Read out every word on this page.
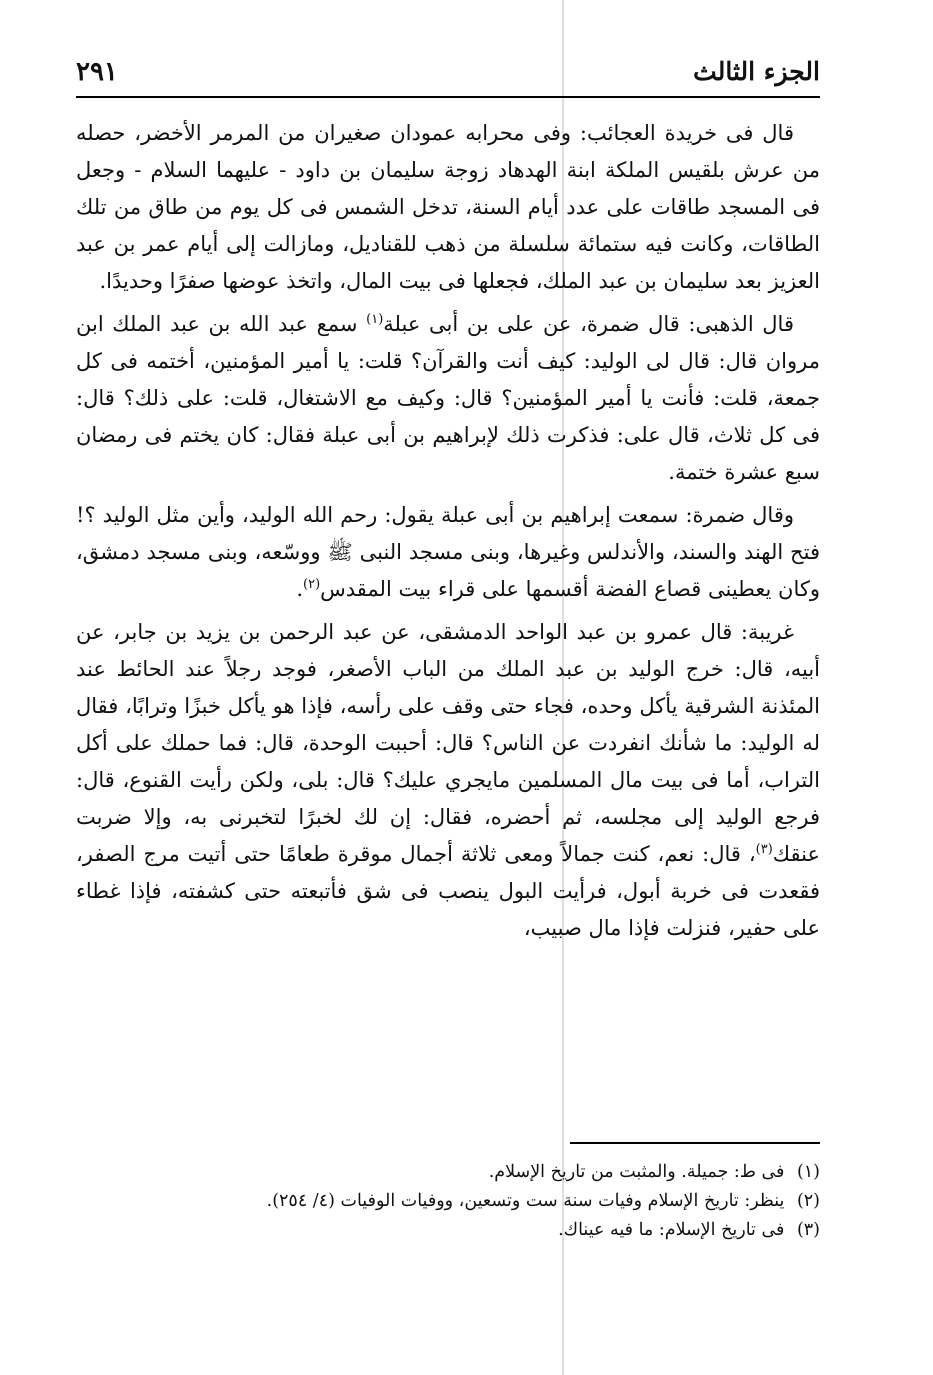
الجزء الثالث
٢٩١

قال فى خريدة العجائب: وفى محرابه عمودان صغيران من المرمر الأخضر، حصله من عرش بلقيس الملكة ابنة الهدهاد زوجة سليمان بن داود - عليهما السلام - وجعل فى المسجد طاقات على عدد أيام السنة، تدخل الشمس فى كل يوم من طاق من تلك الطاقات، وكانت فيه ستمائة سلسلة من ذهب للقناديل، ومازالت إلى أيام عمر بن عبد العزيز بعد سليمان بن عبد الملك، فجعلها فى بيت المال، واتخذ عوضها صفرًا وحديدًا.

قال الذهبى: قال ضمرة، عن على بن أبى عبلة$^{(١)}$ سمع عبد الله بن عبد الملك ابن مروان قال: قال لى الوليد: كيف أنت والقرآن؟ قلت: يا أمير المؤمنين، أختمه فى كل جمعة، قلت: فأنت يا أمير المؤمنين؟ قال: وكيف مع الاشتغال، قلت: على ذلك؟ قال: فى كل ثلاث، قال على: فذكرت ذلك لإبراهيم بن أبى عبلة فقال: كان يختم فى رمضان سبع عشرة ختمة.

وقال ضمرة: سمعت إبراهيم بن أبى عبلة يقول: رحم الله الوليد، وأين مثل الوليد ؟! فتح الهند والسند، والأندلس وغيرها، وبنى مسجد النبى ﷺ ووسّعه، وبنى مسجد دمشق، وكان يعطينى قصاع الفضة أقسمها على قراء بيت المقدس$^{(٢)}$.

غريبة: قال عمرو بن عبد الواحد الدمشقى، عن عبد الرحمن بن يزيد بن جابر، عن أبيه، قال: خرج الوليد بن عبد الملك من الباب الأصغر، فوجد رجلاً عند الحائط عند المئذنة الشرقية يأكل وحده، فجاء حتى وقف على رأسه، فإذا هو يأكل خبزًا وترابًا، فقال له الوليد: ما شأنك انفردت عن الناس؟ قال: أحببت الوحدة، قال: فما حملك على أكل التراب، أما فى بيت مال المسلمين مايجري عليك؟ قال: بلى، ولكن رأيت القنوع، قال: فرجع الوليد إلى مجلسه، ثم أحضره، فقال: إن لك لخبرًا لتخبرنى به، وإلا ضربت عنقك$^{(٣)}$، قال: نعم، كنت جمالاً ومعى ثلاثة أجمال موقرة طعامًا حتى أتيت مرج الصفر، فقعدت فى خربة أبول، فرأيت البول ينصب فى شق فأتبعته حتى كشفته، فإذا غطاء على حفير، فنزلت فإذا مال صبيب،

(١) فى ط: جميلة. والمثبت من تاريخ الإسلام.

(٢) ينظر: تاريخ الإسلام وفيات سنة ست وتسعين، ووفيات الوفيات (٤/ ٢٥٤).

(٣) فى تاريخ الإسلام: ما فيه عيناك.
